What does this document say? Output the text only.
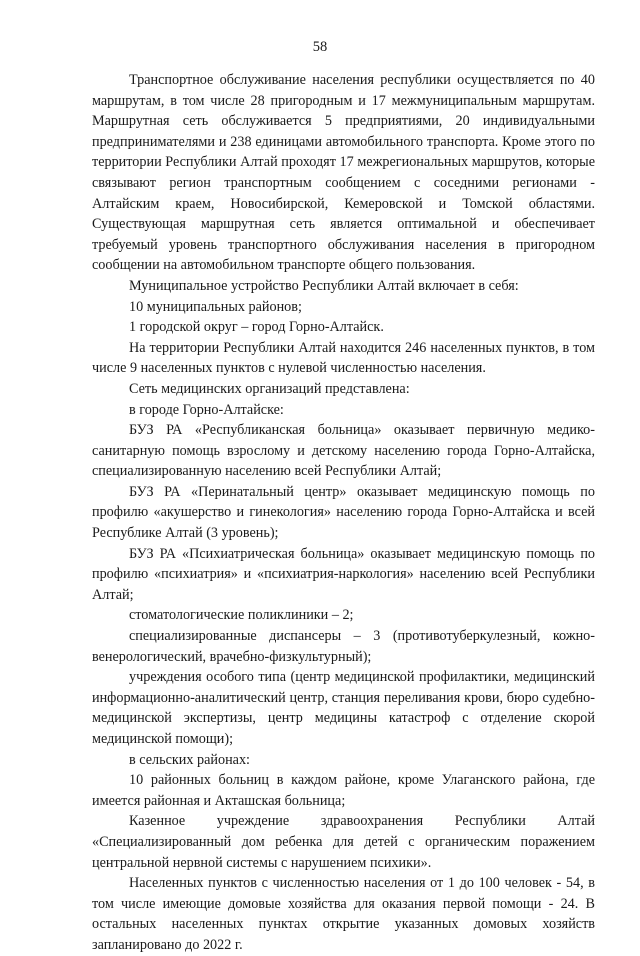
58

Транспортное обслуживание населения республики осуществляется по 40 маршрутам, в том числе 28 пригородным и 17 межмуниципальным маршрутам. Маршрутная сеть обслуживается 5 предприятиями, 20 индивидуальными предпринимателями и 238 единицами автомобильного транспорта. Кроме этого по территории Республики Алтай проходят 17 межрегиональных маршрутов, которые связывают регион транспортным сообщением с соседними регионами - Алтайским краем, Новосибирской, Кемеровской и Томской областями. Существующая маршрутная сеть является оптимальной и обеспечивает требуемый уровень транспортного обслуживания населения в пригородном сообщении на автомобильном транспорте общего пользования.

Муниципальное устройство Республики Алтай включает в себя:

10 муниципальных районов;

1 городской округ – город Горно-Алтайск.

На территории Республики Алтай находится 246 населенных пунктов, в том числе 9 населенных пунктов с нулевой численностью населения.

Сеть медицинских организаций представлена:

в городе Горно-Алтайске:

БУЗ РА «Республиканская больница» оказывает первичную медико-санитарную помощь взрослому и детскому населению города Горно-Алтайска, специализированную населению всей Республики Алтай;

БУЗ РА «Перинатальный центр» оказывает медицинскую помощь по профилю «акушерство и гинекология» населению города Горно-Алтайска и всей Республике Алтай (3 уровень);

БУЗ РА «Психиатрическая больница» оказывает медицинскую помощь по профилю «психиатрия» и «психиатрия-наркология» населению всей Республики Алтай;

стоматологические поликлиники – 2;

специализированные диспансеры – 3 (противотуберкулезный, кожно-венерологический, врачебно-физкультурный);

учреждения особого типа (центр медицинской профилактики, медицинский информационно-аналитический центр, станция переливания крови, бюро судебно-медицинской экспертизы, центр медицины катастроф с отделение скорой медицинской помощи);

в сельских районах:

10 районных больниц в каждом районе, кроме Улаганского района, где имеется районная и Акташская больница;

Казенное учреждение здравоохранения Республики Алтай «Специализированный дом ребенка для детей с органическим поражением центральной нервной системы с нарушением психики».

Населенных пунктов с численностью населения от 1 до 100 человек - 54, в том числе имеющие домовые хозяйства для оказания первой помощи - 24. В остальных населенных пунктах открытие указанных домовых хозяйств запланировано до 2022 г.
